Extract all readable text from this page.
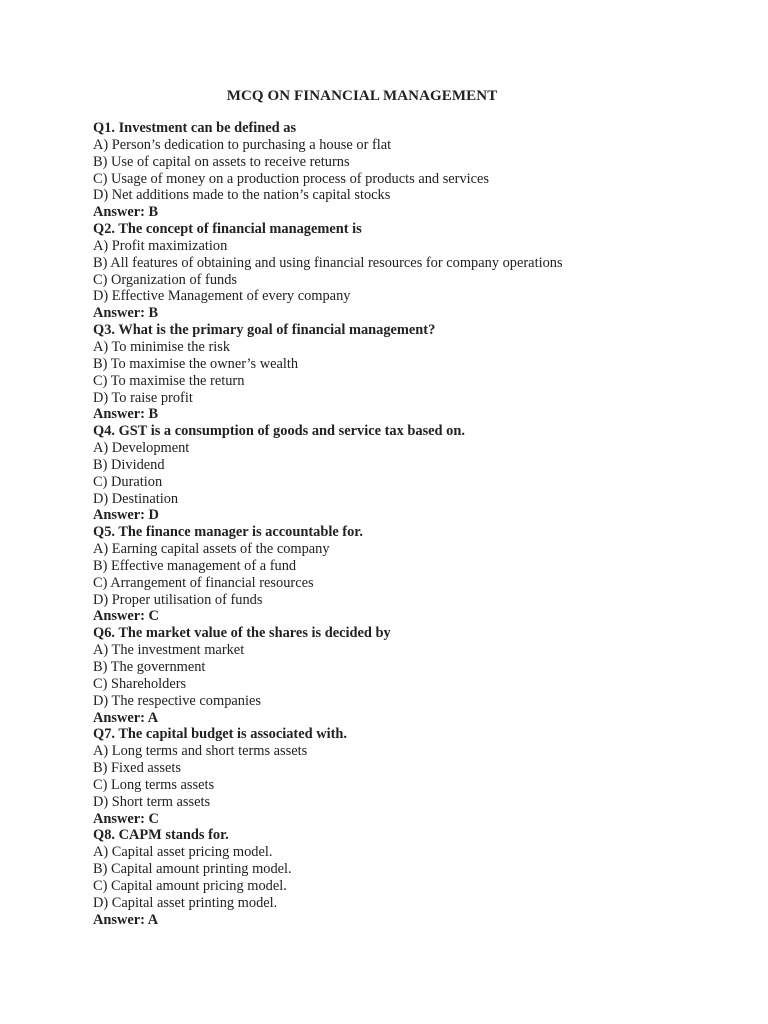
MCQ ON FINANCIAL MANAGEMENT
Q1. Investment can be defined as
A) Person’s dedication to purchasing a house or flat
B) Use of capital on assets to receive returns
C) Usage of money on a production process of products and services
D) Net additions made to the nation’s capital stocks
Answer: B
Q2. The concept of financial management is
A) Profit maximization
B) All features of obtaining and using financial resources for company operations
C) Organization of funds
D) Effective Management of every company
Answer: B
Q3. What is the primary goal of financial management?
A) To minimise the risk
B) To maximise the owner’s wealth
C) To maximise the return
D) To raise profit
Answer: B
Q4. GST is a consumption of goods and service tax based on.
A) Development
B) Dividend
C) Duration
D) Destination
Answer: D
Q5. The finance manager is accountable for.
A) Earning capital assets of the company
B) Effective management of a fund
C) Arrangement of financial resources
D) Proper utilisation of funds
Answer: C
Q6. The market value of the shares is decided by
A) The investment market
B) The government
C) Shareholders
D) The respective companies
Answer: A
Q7. The capital budget is associated with.
A) Long terms and short terms assets
B) Fixed assets
C) Long terms assets
D) Short term assets
Answer: C
Q8. CAPM stands for.
A) Capital asset pricing model.
B) Capital amount printing model.
C) Capital amount pricing model.
D) Capital asset printing model.
Answer: A
